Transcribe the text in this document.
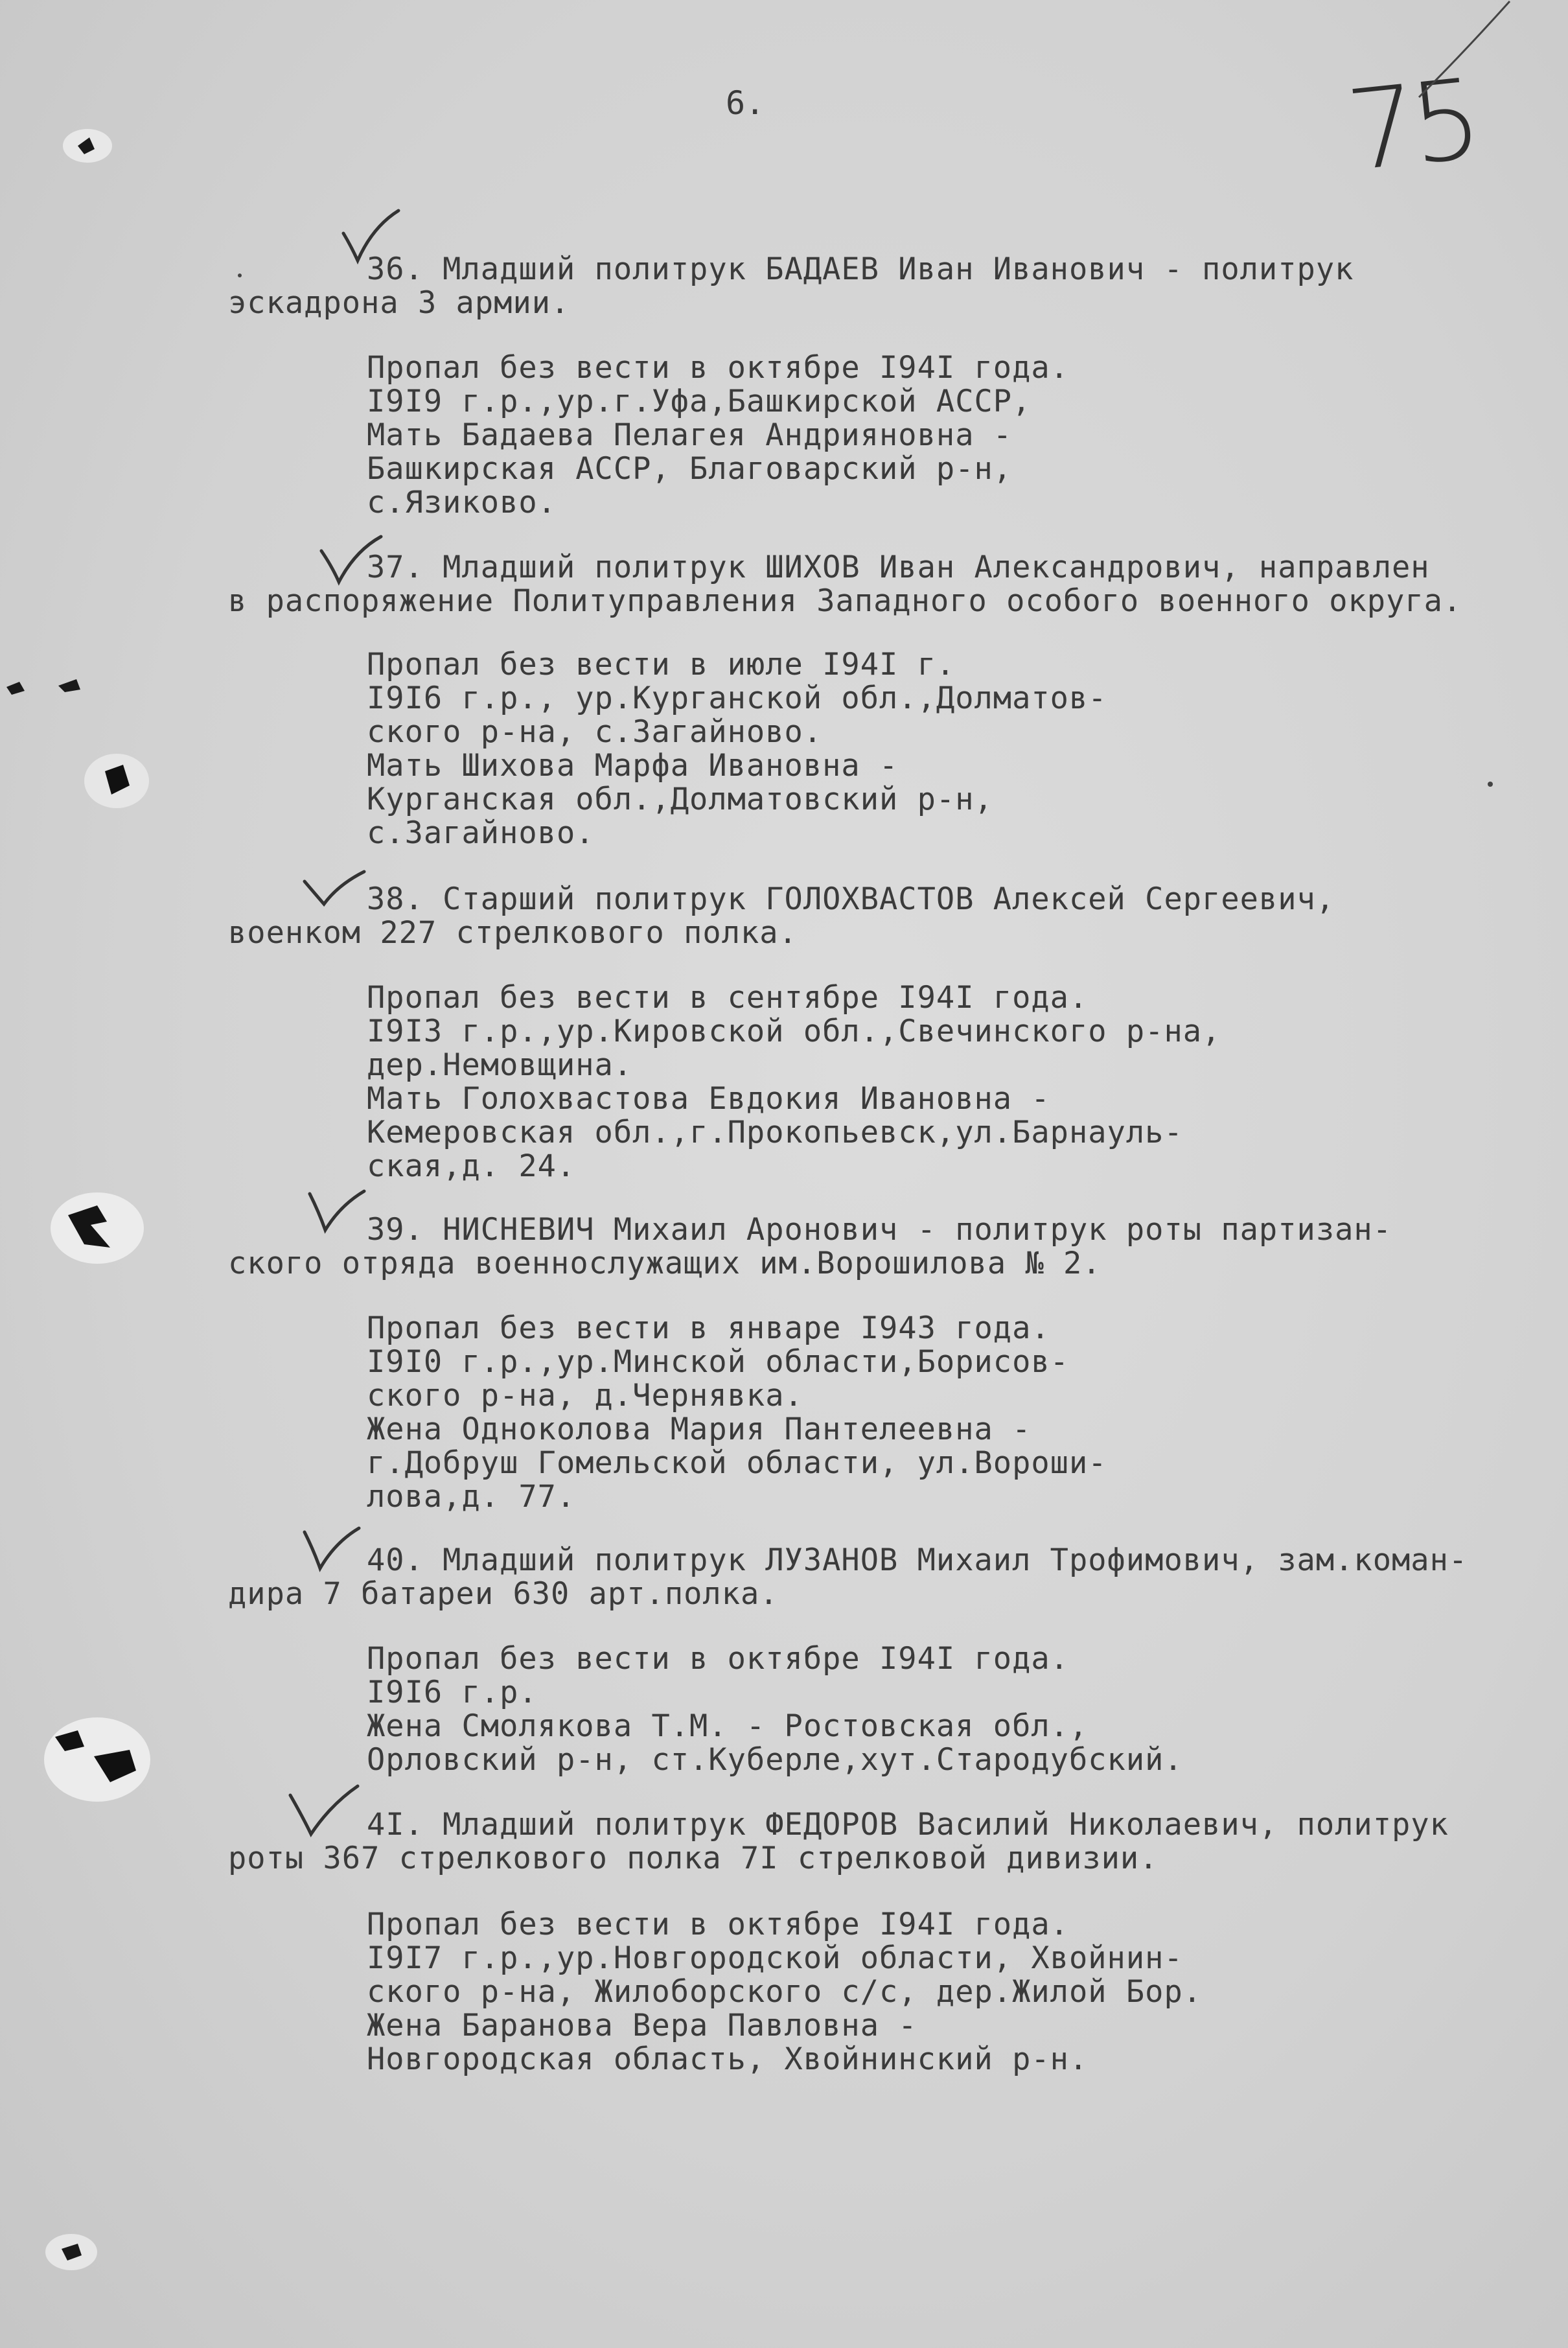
6.	75
36. Младший политрук БАДАЕВ Иван Иванович - политрук
эскадрона 3 армии.
Пропал без вести в октябре I94I года.
I9I9 г.р.,ур.г.Уфа,Башкирской АССР,
Мать Бадаева Пелагея Андрияновна -
Башкирская АССР, Благоварский р-н,
с.Язиково.
37. Младший политрук ШИХОВ Иван Александрович, направлен
в распоряжение Политуправления Западного особого военного округа.
Пропал без вести в июле I94I г.
I9I6 г.р., ур.Курганской обл.,Долматов-
ского р-на, с.Загайново.
Мать Шихова Марфа Ивановна -
Курганская обл.,Долматовский р-н,
с.Загайново.
38. Старший политрук ГОЛОХВАСТОВ Алексей Сергеевич,
военком 227 стрелкового полка.
Пропал без вести в сентябре I94I года.
I9I3 г.р.,ур.Кировской обл.,Свечинского р-на,
дер.Немовщина.
Мать Голохвастова Евдокия Ивановна -
Кемеровская обл.,г.Прокопьевск,ул.Барнауль-
ская,д. 24.
39. НИСНЕВИЧ Михаил Аронович - политрук роты партизан-
ского отряда военнослужащих им.Ворошилова № 2.
Пропал без вести в январе I943 года.
I9I0 г.р.,ур.Минской области,Борисов-
ского р-на, д.Чернявка.
Жена Одноколова Мария Пантелеевна -
г.Добруш Гомельской области, ул.Вороши-
лова,д. 77.
40. Младший политрук ЛУЗАНОВ Михаил Трофимович, зам.коман-
дира 7 батареи 630 арт.полка.
Пропал без вести в октябре I94I года.
I9I6 г.р.
Жена Смолякова Т.М. - Ростовская обл.,
Орловский р-н, ст.Куберле,хут.Стародубский.
4I. Младший политрук ФЕДОРОВ Василий Николаевич, политрук
роты 367 стрелкового полка 7I стрелковой дивизии.
Пропал без вести в октябре I94I года.
I9I7 г.р.,ур.Новгородской области, Хвойнин-
ского р-на, Жилоборского с/с, дер.Жилой Бор.
Жена Баранова Вера Павловна -
Новгородская область, Хвойнинский р-н.
